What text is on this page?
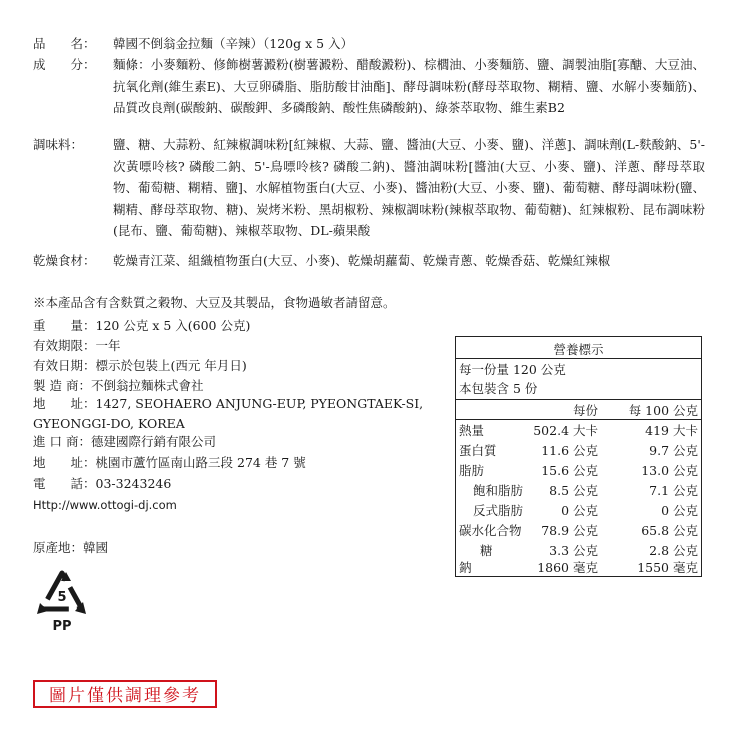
品　　名： 韓國不倒翁金拉麵（辛辣）（120g x 5 入）
成　　分： 麵條：小麥麵粉、修飾樹薯澱粉(樹薯澱粉、醋酸澱粉)、棕櫚油、小麥麵筋、鹽、調製油脂[寡醣、大豆油、抗氧化劑(維生素E)、大豆卵磷脂、脂肪酸甘油酯]、酵母調味粉(酵母萃取物、糊精、鹽、水解小麥麵筋)、品質改良劑(碳酸鈉、碳酸鉀、多磷酸鈉、酸性焦磷酸鈉)、綠茶萃取物、維生素B2
調味料： 鹽、糖、大蒜粉、紅辣椒調味粉[紅辣椒、大蒜、鹽、醬油(大豆、小麥、鹽)、洋蔥]、調味劑(L-麩酸鈉、5'-次黃嘌呤核? 磷酸二鈉、5'-鳥嘌呤核? 磷酸二鈉)、醬油調味粉[醬油(大豆、小麥、鹽)、洋蔥、酵母萃取物、葡萄糖、糊精、鹽]、水解植物蛋白(大豆、小麥)、醬油粉(大豆、小麥、鹽)、葡萄糖、酵母調味粉(鹽、糊精、酵母萃取物、糖)、炭烤米粉、黑胡椒粉、辣椒調味粉(辣椒萃取物、葡萄糖)、紅辣椒粉、昆布調味粉(昆布、鹽、葡萄糖)、辣椒萃取物、DL-蘋果酸
乾燥食材： 乾燥青江菜、組織植物蛋白(大豆、小麥)、乾燥胡蘿蔔、乾燥青蔥、乾燥香菇、乾燥紅辣椒
※本產品含有含麩質之穀物、大豆及其製品，食物過敏者請留意。
重　　量：120 公克 x 5 入(600 公克)
有效期限：一年
有效日期：標示於包裝上(西元 年月日)
製 造 商：不倒翁拉麵株式會社
地　　址：1427, SEOHAERO ANJUNG-EUP, PYEONGTAEK-SI, GYEONGGI-DO, KOREA
進 口 商：德建國際行銷有限公司
地　　址：桃園市蘆竹區南山路三段 274 巷 7 號
電　　話：03-3243246
Http://www.ottogi-dj.com
原產地：韓國
營養標示
每一份量 120 公克
本包裝含 5 份
每份 每 100 公克
熱量	502.4 大卡	419 大卡
蛋白質	11.6 公克	9.7 公克
脂肪	15.6 公克	13.0 公克
飽和脂肪 8.5 公克	7.1 公克
反式脂肪	0 公克	0 公克
碳水化合物 78.9 公克	65.8 公克
糖	3.3 公克	2.8 公克
鈉	1860 毫克	1550 毫克
5
PP
圖片僅供調理參考
